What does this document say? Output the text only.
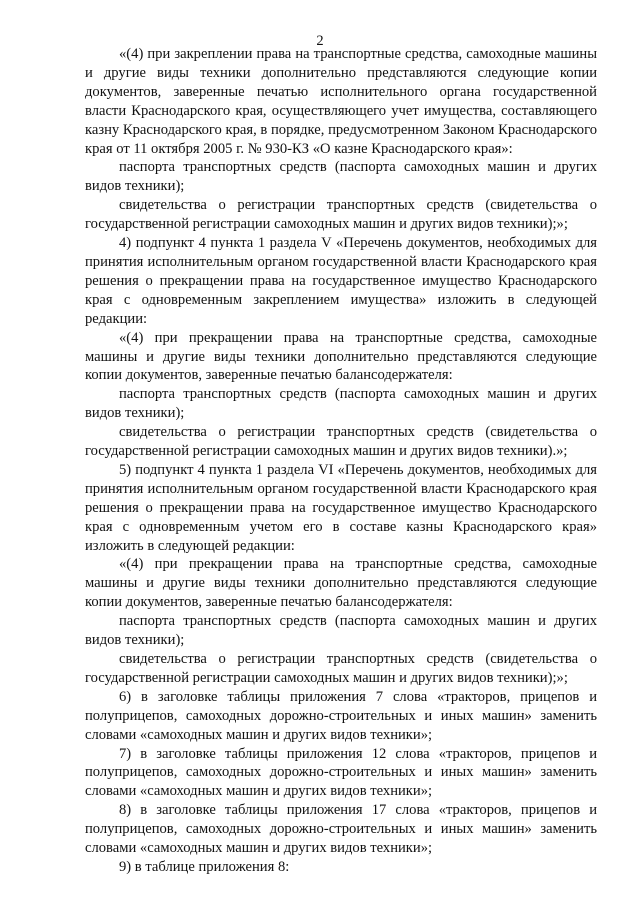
2

«(4) при закреплении права на транспортные средства, самоходные машины и другие виды техники дополнительно представляются следующие копии документов, заверенные печатью исполнительного органа государственной власти Краснодарского края, осуществляющего учет имущества, составляющего казну Краснодарского края, в порядке, предусмотренном Законом Краснодарского края от 11 октября 2005 г. № 930-КЗ «О казне Краснодарского края»:

паспорта транспортных средств (паспорта самоходных машин и других видов техники);

свидетельства о регистрации транспортных средств (свидетельства о государственной регистрации самоходных машин и других видов техники);»;

4) подпункт 4 пункта 1 раздела V «Перечень документов, необходимых для принятия исполнительным органом государственной власти Краснодарского края решения о прекращении права на государственное имущество Краснодарского края с одновременным закреплением имущества» изложить в следующей редакции:

«(4) при прекращении права на транспортные средства, самоходные машины и другие виды техники дополнительно представляются следующие копии документов, заверенные печатью балансодержателя:

паспорта транспортных средств (паспорта самоходных машин и других видов техники);

свидетельства о регистрации транспортных средств (свидетельства о государственной регистрации самоходных машин и других видов техники).»;

5) подпункт 4 пункта 1 раздела VI «Перечень документов, необходимых для принятия исполнительным органом государственной власти Краснодарского края решения о прекращении права на государственное имущество Краснодарского края с одновременным учетом его в составе казны Краснодарского края» изложить в следующей редакции:

«(4) при прекращении права на транспортные средства, самоходные машины и другие виды техники дополнительно представляются следующие копии документов, заверенные печатью балансодержателя:

паспорта транспортных средств (паспорта самоходных машин и других видов техники);

свидетельства о регистрации транспортных средств (свидетельства о государственной регистрации самоходных машин и других видов техники);»;

6) в заголовке таблицы приложения 7 слова «тракторов, прицепов и полуприцепов, самоходных дорожно-строительных и иных машин» заменить словами «самоходных машин и других видов техники»;

7) в заголовке таблицы приложения 12 слова «тракторов, прицепов и полуприцепов, самоходных дорожно-строительных и иных машин» заменить словами «самоходных машин и других видов техники»;

8) в заголовке таблицы приложения 17 слова «тракторов, прицепов и полуприцепов, самоходных дорожно-строительных и иных машин» заменить словами «самоходных машин и других видов техники»;

9) в таблице приложения 8:
